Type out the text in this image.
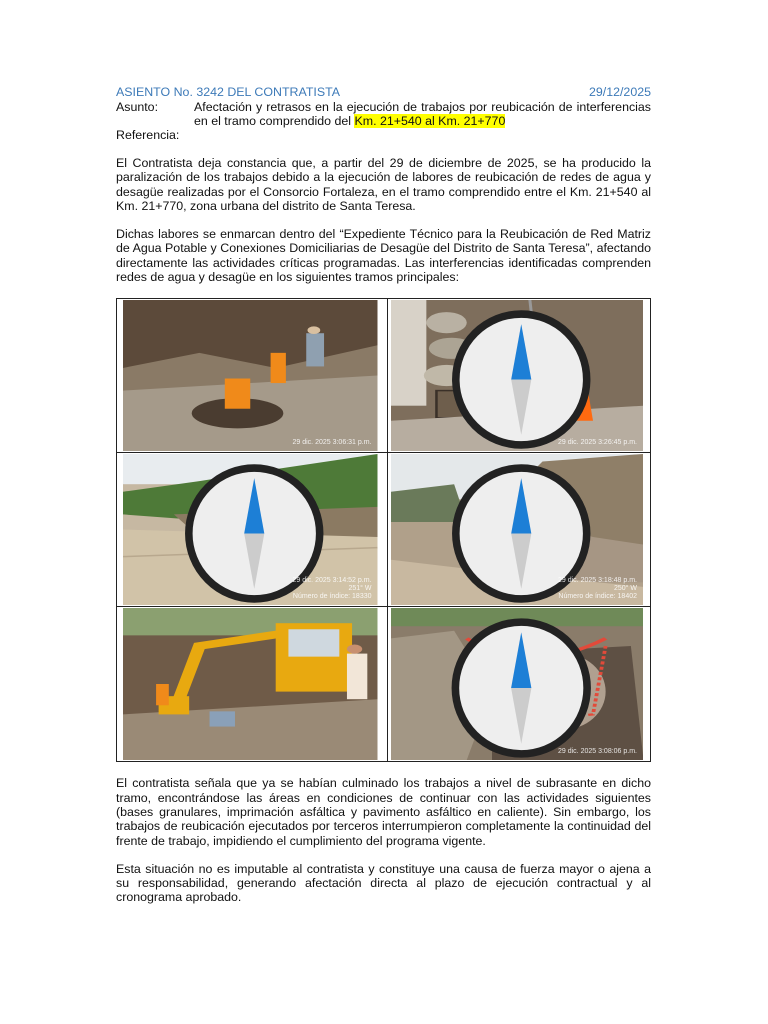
ASIENTO No. 3242 DEL CONTRATISTA	29/12/2025
Asunto:	Afectación y retrasos en la ejecución de trabajos por reubicación de interferencias en el tramo comprendido del Km. 21+540 al Km. 21+770
Referencia:

El Contratista deja constancia que, a partir del 29 de diciembre de 2025, se ha producido la paralización de los trabajos debido a la ejecución de labores de reubicación de redes de agua y desagüe realizadas por el Consorcio Fortaleza, en el tramo comprendido entre el Km. 21+540 al Km. 21+770, zona urbana del distrito de Santa Teresa.

Dichas labores se enmarcan dentro del “Expediente Técnico para la Reubicación de Red Matriz de Agua Potable y Conexiones Domiciliarias de Desagüe del Distrito de Santa Teresa”, afectando directamente las actividades críticas programadas. Las interferencias identificadas comprenden redes de agua y desagüe en los siguientes tramos principales:

29 dic. 2025 3:06:31 p.m.	29 dic. 2025 3:26:45 p.m.
29 dic. 2025 3:14:52 p.m.
251° W
Número de índice: 18330
29 dic. 2025 3:18:48 p.m.
250° W
Número de índice: 18402
29 dic. 2025 3:08:06 p.m.

El contratista señala que ya se habían culminado los trabajos a nivel de subrasante en dicho tramo, encontrándose las áreas en condiciones de continuar con las actividades siguientes (bases granulares, imprimación asfáltica y pavimento asfáltico en caliente). Sin embargo, los trabajos de reubicación ejecutados por terceros interrumpieron completamente la continuidad del frente de trabajo, impidiendo el cumplimiento del programa vigente.

Esta situación no es imputable al contratista y constituye una causa de fuerza mayor o ajena a su responsabilidad, generando afectación directa al plazo de ejecución contractual y al cronograma aprobado.
